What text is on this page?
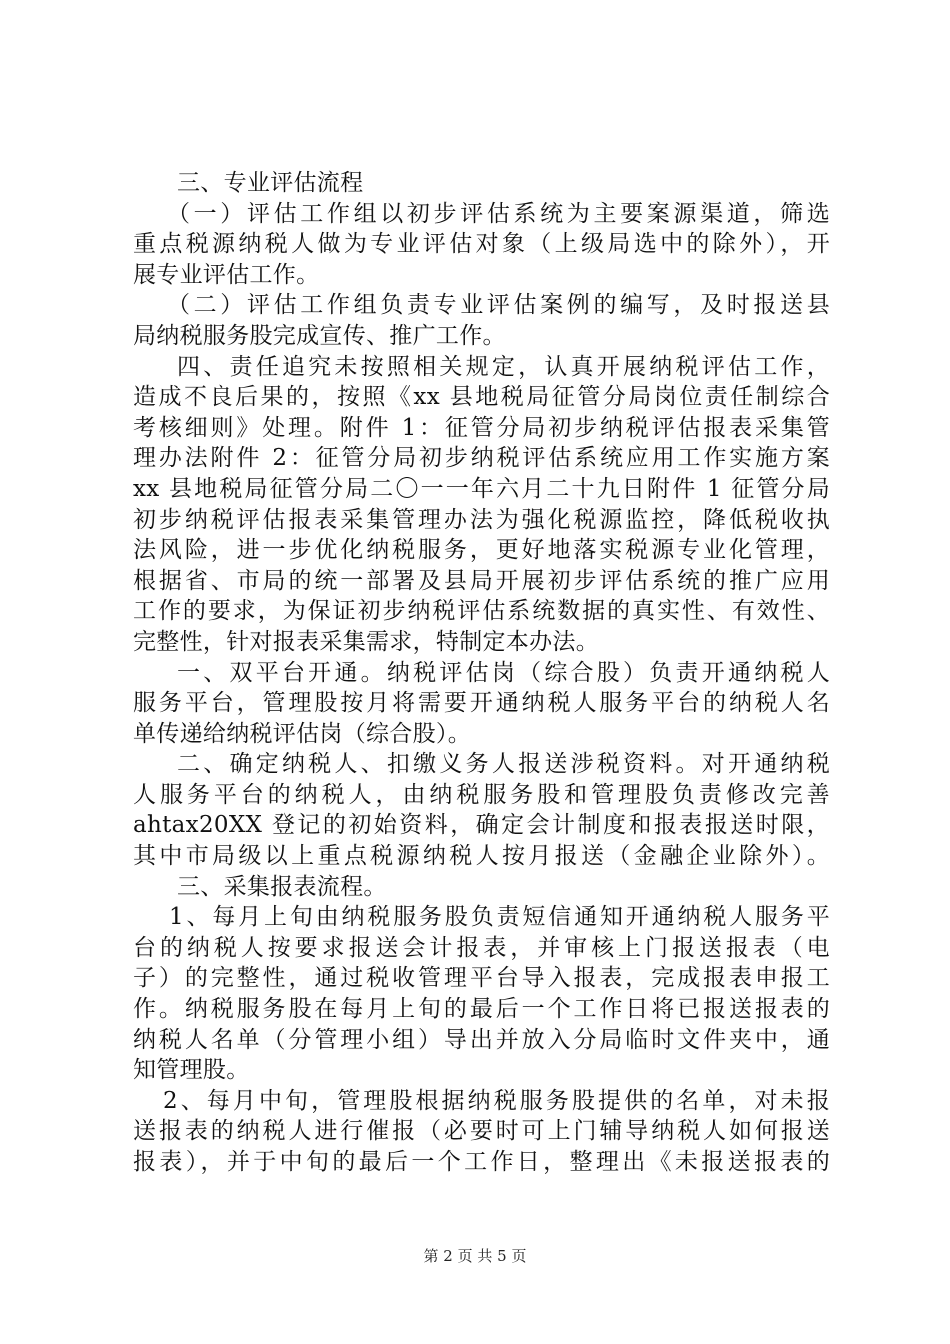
三、专业评估流程
（一）评估工作组以初步评估系统为主要案源渠道，筛选
重点税源纳税人做为专业评估对象（上级局选中的除外），开
展专业评估工作。
（二）评估工作组负责专业评估案例的编写，及时报送县
局纳税服务股完成宣传、推广工作。
四、责任追究未按照相关规定，认真开展纳税评估工作，
造成不良后果的，按照《xx 县地税局征管分局岗位责任制综合
考核细则》处理。附件 1：征管分局初步纳税评估报表采集管
理办法附件 2：征管分局初步纳税评估系统应用工作实施方案
xx 县地税局征管分局二〇一一年六月二十九日附件 1 征管分局
初步纳税评估报表采集管理办法为强化税源监控，降低税收执
法风险，进一步优化纳税服务，更好地落实税源专业化管理，
根据省、市局的统一部署及县局开展初步评估系统的推广应用
工作的要求，为保证初步纳税评估系统数据的真实性、有效性、
完整性，针对报表采集需求，特制定本办法。
一、双平台开通。纳税评估岗（综合股）负责开通纳税人
服务平台，管理股按月将需要开通纳税人服务平台的纳税人名
单传递给纳税评估岗（综合股）。
二、确定纳税人、扣缴义务人报送涉税资料。对开通纳税
人服务平台的纳税人，由纳税服务股和管理股负责修改完善
ahtax20XX 登记的初始资料，确定会计制度和报表报送时限，
其中市局级以上重点税源纳税人按月报送（金融企业除外）。
三、采集报表流程。
1、每月上旬由纳税服务股负责短信通知开通纳税人服务平
台的纳税人按要求报送会计报表，并审核上门报送报表（电
子）的完整性，通过税收管理平台导入报表，完成报表申报工
作。纳税服务股在每月上旬的最后一个工作日将已报送报表的
纳税人名单（分管理小组）导出并放入分局临时文件夹中，通
知管理股。
2、每月中旬，管理股根据纳税服务股提供的名单，对未报
送报表的纳税人进行催报（必要时可上门辅导纳税人如何报送
报表），并于中旬的最后一个工作日，整理出《未报送报表的
第 2 页 共 5 页
